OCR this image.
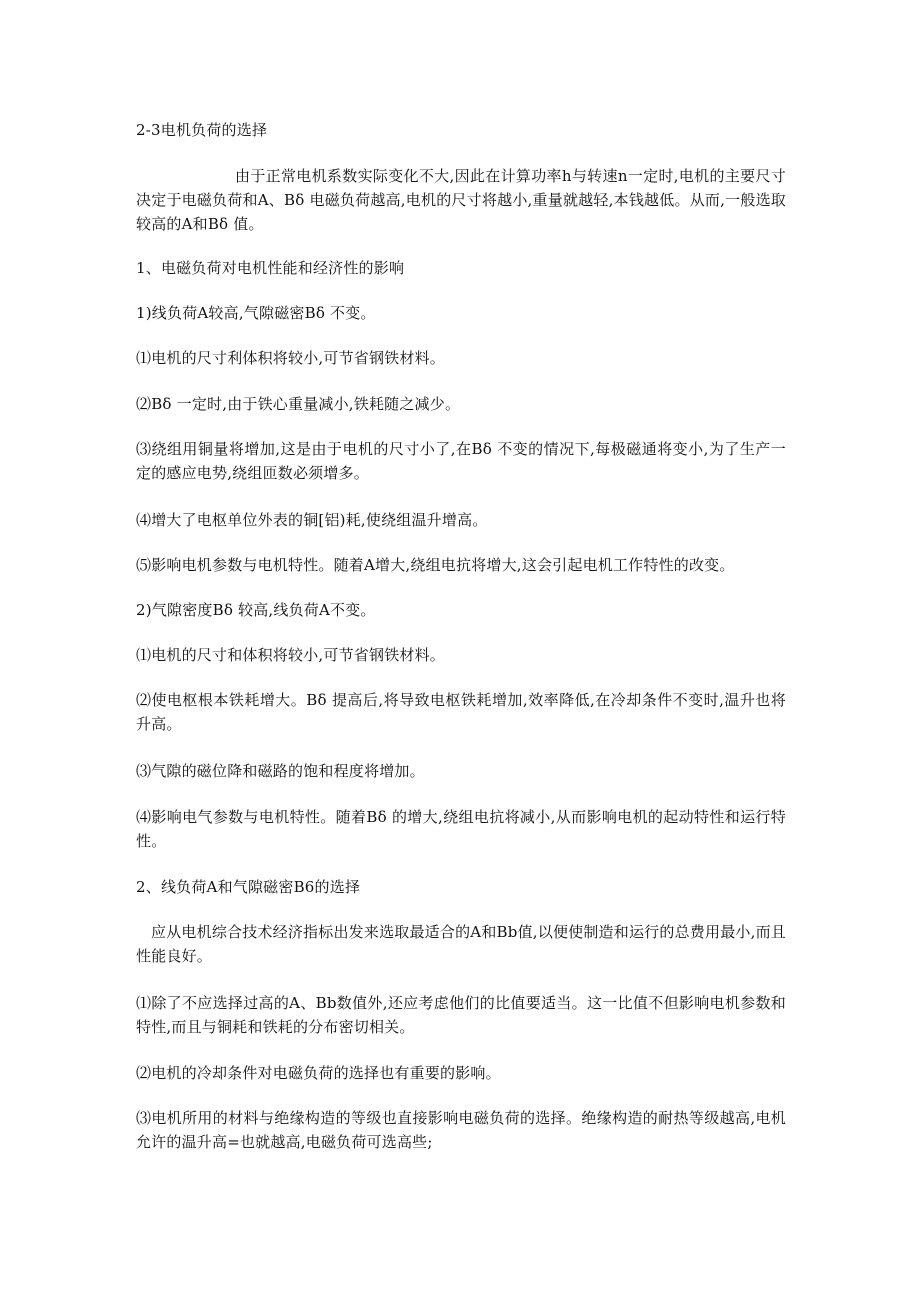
2-3电机负荷的选择

由于正常电机系数实际变化不大,因此在计算功率h与转速n一定时,电机的主要尺寸决定于电磁负荷和A、Bδ 电磁负荷越高,电机的尺寸将越小,重量就越轻,本钱越低。从而,一般选取较高的A和Bδ 值。

1、电磁负荷对电机性能和经济性的影响

1)线负荷A较高,气隙磁密Bδ 不变。

⑴电机的尺寸利体积将较小,可节省钢铁材料。

⑵Bδ 一定时,由于铁心重量减小,铁耗随之减少。

⑶绕组用铜量将增加,这是由于电机的尺寸小了,在Bδ 不变的情况下,每极磁通将变小,为了生产一定的感应电势,绕组匝数必须增多。

⑷增大了电枢单位外表的铜[铝)耗,使绕组温升增高。

⑸影响电机参数与电机特性。随着A增大,绕组电抗将增大,这会引起电机工作特性的改变。

2)气隙密度Bδ 较高,线负荷A不变。

⑴电机的尺寸和体积将较小,可节省钢铁材料。

⑵使电枢根本铁耗增大。Bδ 提高后,将导致电枢铁耗增加,效率降低,在冷却条件不变时,温升也将升高。

⑶气隙的磁位降和磁路的饱和程度将增加。

⑷影响电气参数与电机特性。随着Bδ 的增大,绕组电抗将减小,从而影响电机的起动特性和运行特性。

2、线负荷A和气隙磁密B6的选择

应从电机综合技术经济指标出发来选取最适合的A和Bb值,以便使制造和运行的总费用最小,而且性能良好。

⑴除了不应选择过高的A、Bb数值外,还应考虑他们的比值要适当。这一比值不但影响电机参数和特性,而且与铜耗和铁耗的分布密切相关。

⑵电机的冷却条件对电磁负荷的选择也有重要的影响。

⑶电机所用的材料与绝缘构造的等级也直接影响电磁负荷的选择。绝缘构造的耐热等级越高,电机允许的温升高=也就越高,电磁负荷可选高些;
